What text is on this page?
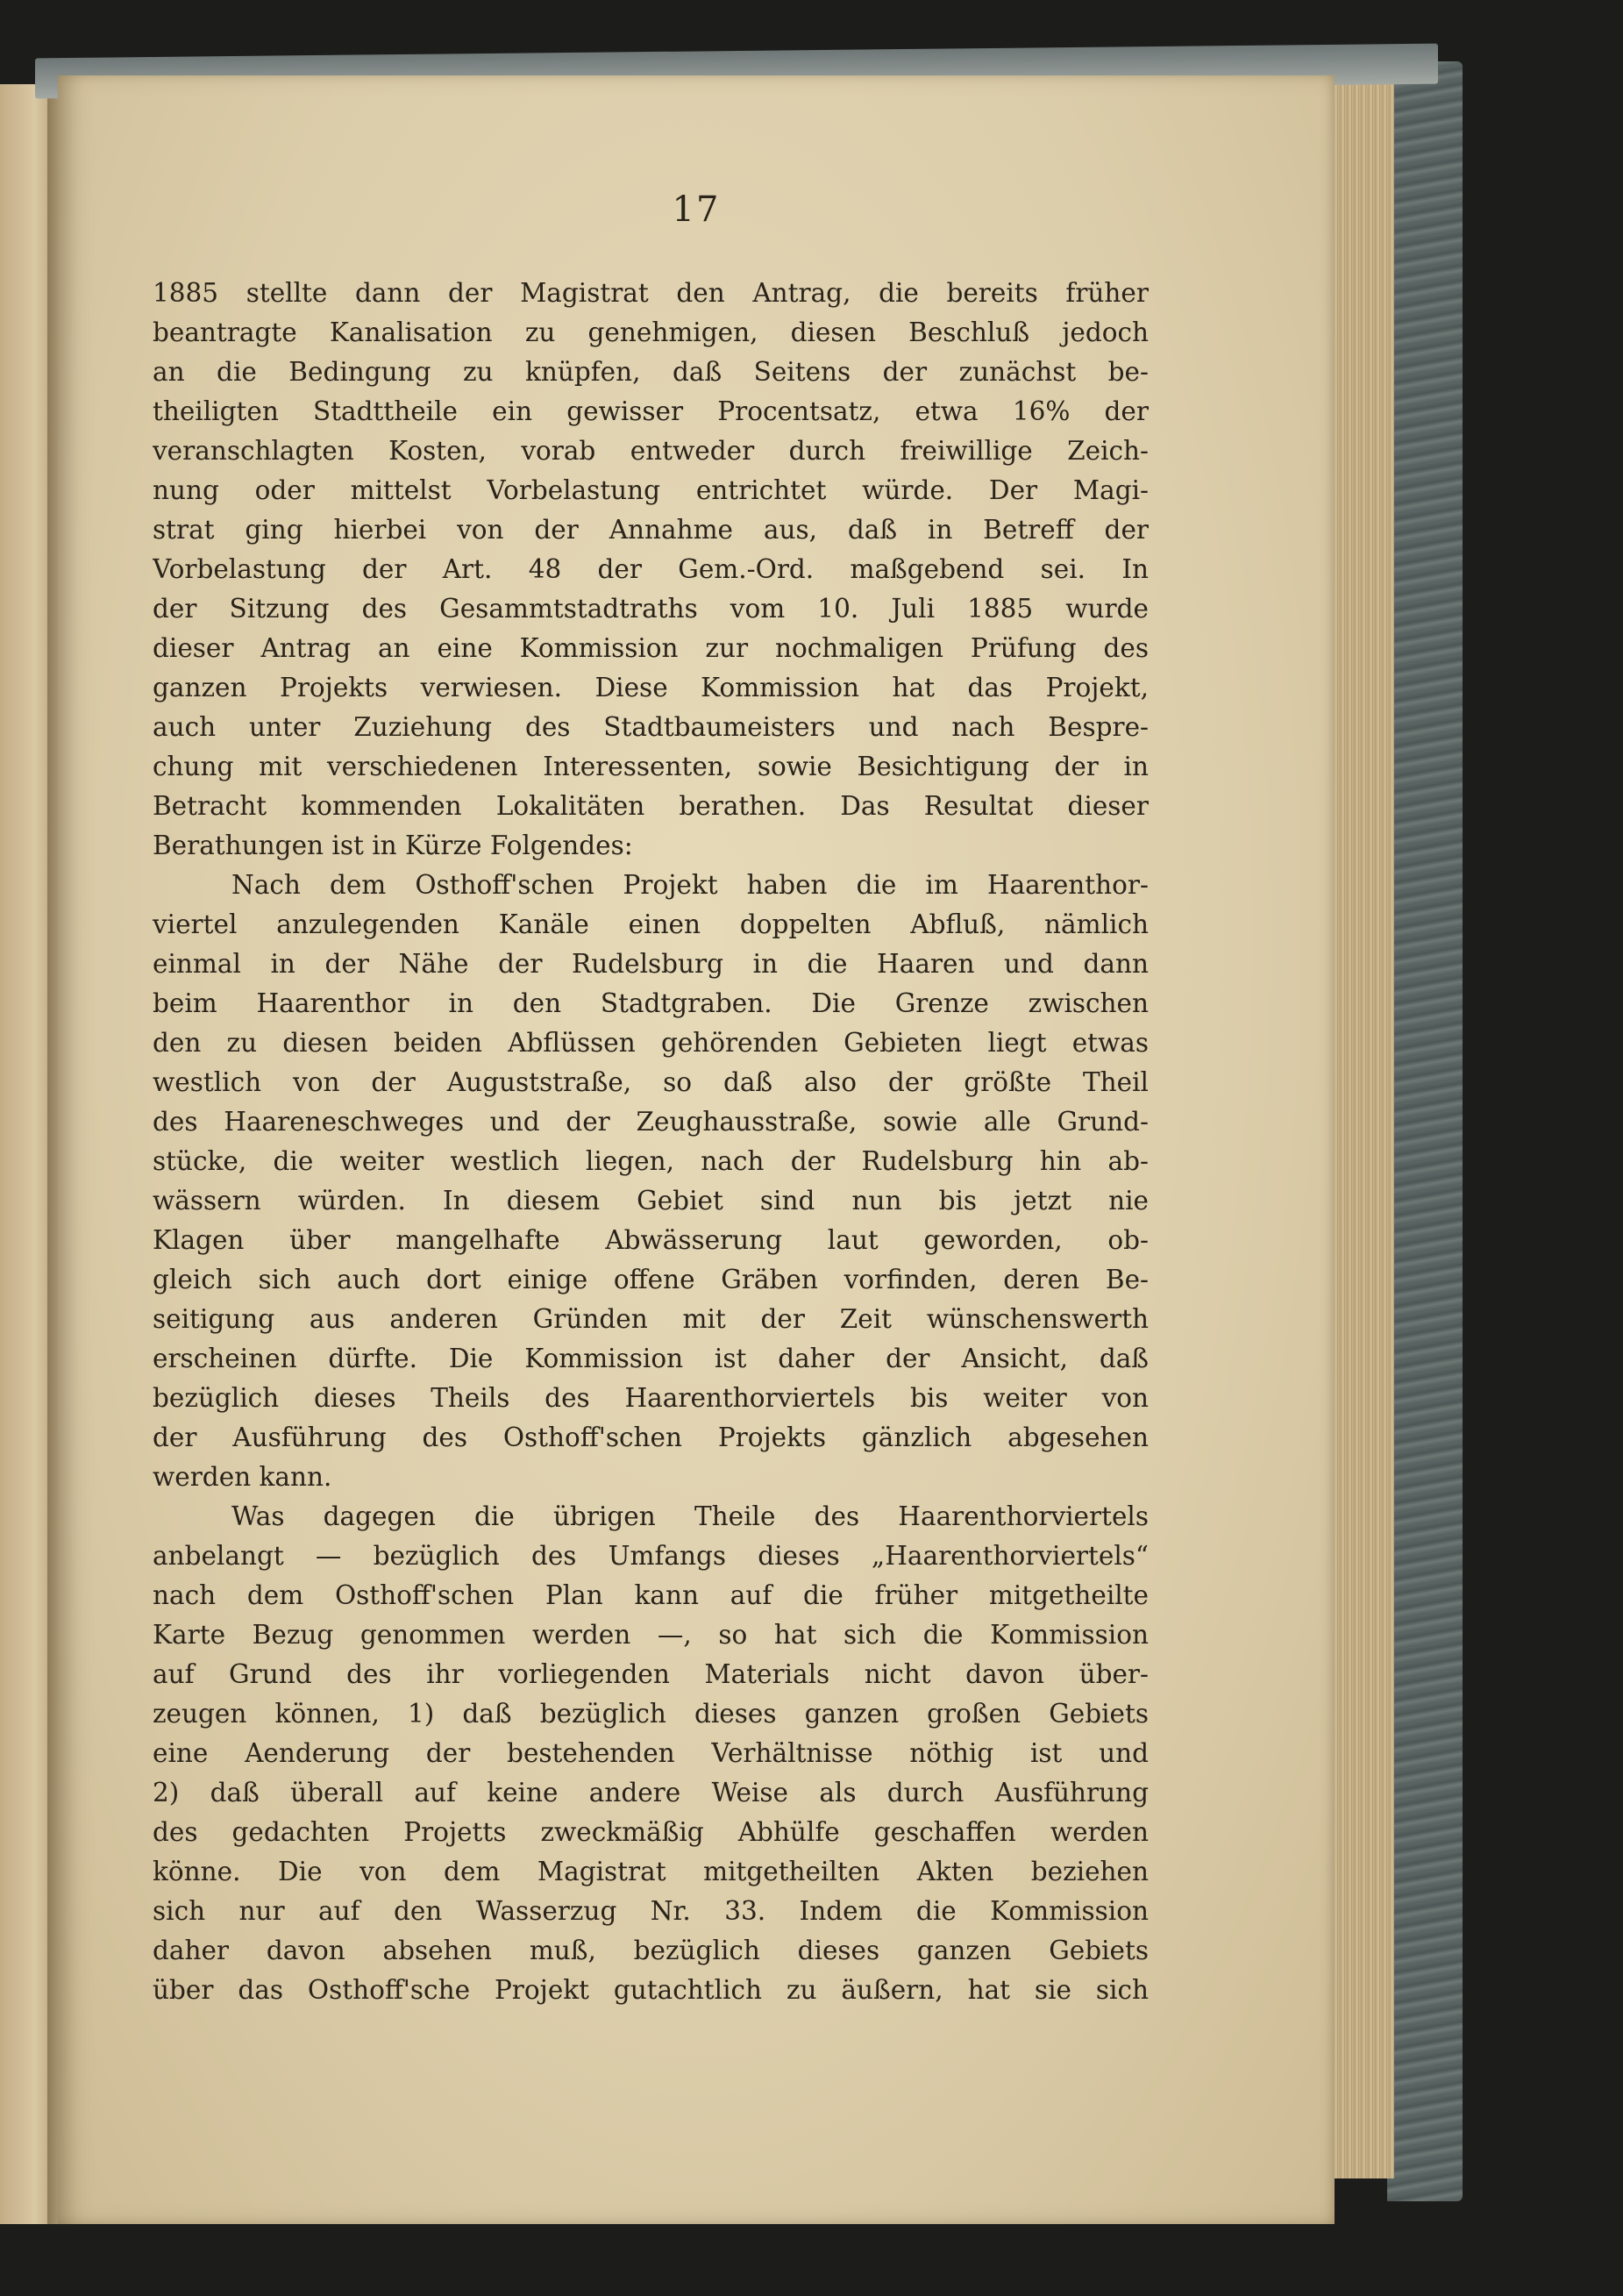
17
1885 stellte dann der Magistrat den Antrag, die bereits früher
beantragte Kanalisation zu genehmigen, diesen Beschluß jedoch
an die Bedingung zu knüpfen, daß Seitens der zunächst be-
theiligten Stadttheile ein gewisser Procentsatz, etwa 16% der
veranschlagten Kosten, vorab entweder durch freiwillige Zeich-
nung oder mittelst Vorbelastung entrichtet würde. Der Magi-
strat ging hierbei von der Annahme aus, daß in Betreff der
Vorbelastung der Art. 48 der Gem.-Ord. maßgebend sei. In
der Sitzung des Gesammtstadtraths vom 10. Juli 1885 wurde
dieser Antrag an eine Kommission zur nochmaligen Prüfung des
ganzen Projekts verwiesen. Diese Kommission hat das Projekt,
auch unter Zuziehung des Stadtbaumeisters und nach Bespre-
chung mit verschiedenen Interessenten, sowie Besichtigung der in
Betracht kommenden Lokalitäten berathen. Das Resultat dieser
Berathungen ist in Kürze Folgendes:
Nach dem Osthoff'schen Projekt haben die im Haarenthor-
viertel anzulegenden Kanäle einen doppelten Abfluß, nämlich
einmal in der Nähe der Rudelsburg in die Haaren und dann
beim Haarenthor in den Stadtgraben. Die Grenze zwischen
den zu diesen beiden Abflüssen gehörenden Gebieten liegt etwas
westlich von der Auguststraße, so daß also der größte Theil
des Haareneschweges und der Zeughausstraße, sowie alle Grund-
stücke, die weiter westlich liegen, nach der Rudelsburg hin ab-
wässern würden. In diesem Gebiet sind nun bis jetzt nie
Klagen über mangelhafte Abwässerung laut geworden, ob-
gleich sich auch dort einige offene Gräben vorfinden, deren Be-
seitigung aus anderen Gründen mit der Zeit wünschenswerth
erscheinen dürfte. Die Kommission ist daher der Ansicht, daß
bezüglich dieses Theils des Haarenthorviertels bis weiter von
der Ausführung des Osthoff'schen Projekts gänzlich abgesehen
werden kann.
Was dagegen die übrigen Theile des Haarenthorviertels
anbelangt — bezüglich des Umfangs dieses „Haarenthorviertels“
nach dem Osthoff'schen Plan kann auf die früher mitgetheilte
Karte Bezug genommen werden —, so hat sich die Kommission
auf Grund des ihr vorliegenden Materials nicht davon über-
zeugen können, 1) daß bezüglich dieses ganzen großen Gebiets
eine Aenderung der bestehenden Verhältnisse nöthig ist und
2) daß überall auf keine andere Weise als durch Ausführung
des gedachten Projetts zweckmäßig Abhülfe geschaffen werden
könne. Die von dem Magistrat mitgetheilten Akten beziehen
sich nur auf den Wasserzug Nr. 33. Indem die Kommission
daher davon absehen muß, bezüglich dieses ganzen Gebiets
über das Osthoff'sche Projekt gutachtlich zu äußern, hat sie sich
